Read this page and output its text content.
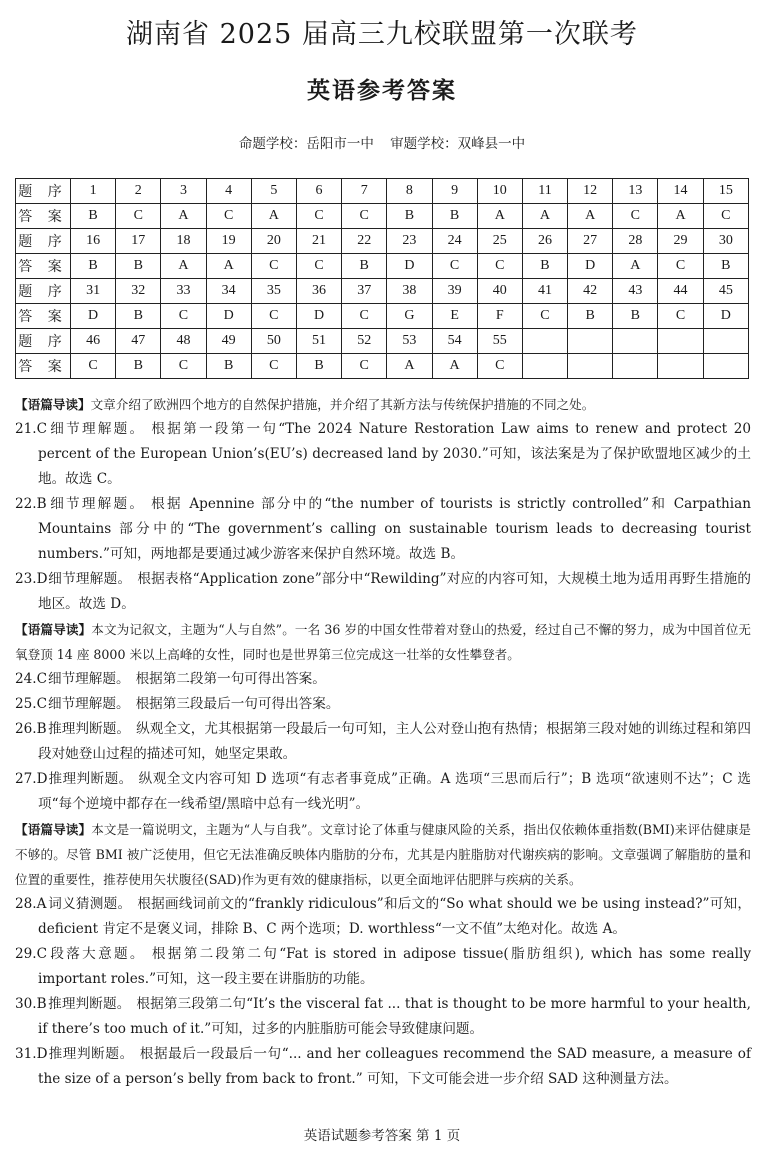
湖南省 2025 届高三九校联盟第一次联考
英语参考答案
命题学校：岳阳市一中 审题学校：双峰县一中
题 序	1	2	3	4	5	6	7	8	9	10	11	12	13	14	15
答 案	B	C	A	C	A	C	C	B	B	A	A	A	C	A	C
题 序	16	17	18	19	20	21	22	23	24	25	26	27	28	29	30
答 案	B	B	A	A	C	C	B	D	C	C	B	D	A	C	B
题 序	31	32	33	34	35	36	37	38	39	40	41	42	43	44	45
答 案	D	B	C	D	C	D	C	G	E	F	C	B	B	C	D
题 序	46	47	48	49	50	51	52	53	54	55					
答 案	C	B	C	B	C	B	C	A	A	C					

【语篇导读】文章介绍了欧洲四个地方的自然保护措施，并介绍了其新方法与传统保护措施的不同之处。

21.C细节理解题。 根据第一段第一句“The 2024 Nature Restoration Law aims to renew and protect 20 percent of the European Union’s(EU’s) decreased land by 2030.”可知，该法案是为了保护欧盟地区减少的土地。故选 C。

22.B细节理解题。 根据 Apennine 部分中的“the number of tourists is strictly controlled”和 Carpathian Mountains 部分中的“The government’s calling on sustainable tourism leads to decreasing tourist numbers.”可知，两地都是要通过减少游客来保护自然环境。故选 B。

23.D细节理解题。 根据表格“Application zone”部分中“Rewilding”对应的内容可知，大规模土地为适用再野生措施的地区。故选 D。

【语篇导读】本文为记叙文，主题为“人与自然”。一名 36 岁的中国女性带着对登山的热爱，经过自己不懈的努力，成为中国首位无氧登顶 14 座 8000 米以上高峰的女性，同时也是世界第三位完成这一壮举的女性攀登者。

24.C细节理解题。 根据第二段第一句可得出答案。

25.C细节理解题。 根据第三段最后一句可得出答案。

26.B推理判断题。 纵观全文，尤其根据第一段最后一句可知，主人公对登山抱有热情；根据第三段对她的训练过程和第四段对她登山过程的描述可知，她坚定果敢。

27.D推理判断题。 纵观全文内容可知 D 选项“有志者事竟成”正确。A 选项“三思而后行”；B 选项“欲速则不达”；C 选项“每个逆境中都存在一线希望/黑暗中总有一线光明”。

【语篇导读】本文是一篇说明文，主题为“人与自我”。文章讨论了体重与健康风险的关系，指出仅依赖体重指数(BMI)来评估健康是不够的。尽管 BMI 被广泛使用，但它无法准确反映体内脂肪的分布，尤其是内脏脂肪对代谢疾病的影响。文章强调了解脂肪的量和位置的重要性，推荐使用矢状腹径(SAD)作为更有效的健康指标，以更全面地评估肥胖与疾病的关系。

28.A 词义猜测题。 根据画线词前文的“frankly ridiculous”和后文的“So what should we be using instead?”可知，deficient 肯定不是褒义词，排除 B、C 两个选项；D. worthless“一文不值”太绝对化。故选 A。

29.C段落大意题。 根据第二段第二句“Fat is stored in adipose tissue(脂肪组织), which has some really important roles.”可知，这一段主要在讲脂肪的功能。

30.B推理判断题。 根据第三段第二句“It’s the visceral fat ... that is thought to be more harmful to your health, if there’s too much of it.”可知，过多的内脏脂肪可能会导致健康问题。

31.D推理判断题。 根据最后一段最后一句“... and her colleagues recommend the SAD measure, a measure of the size of a person’s belly from back to front.” 可知，下文可能会进一步介绍 SAD 这种测量方法。

英语试题参考答案 第 1 页
